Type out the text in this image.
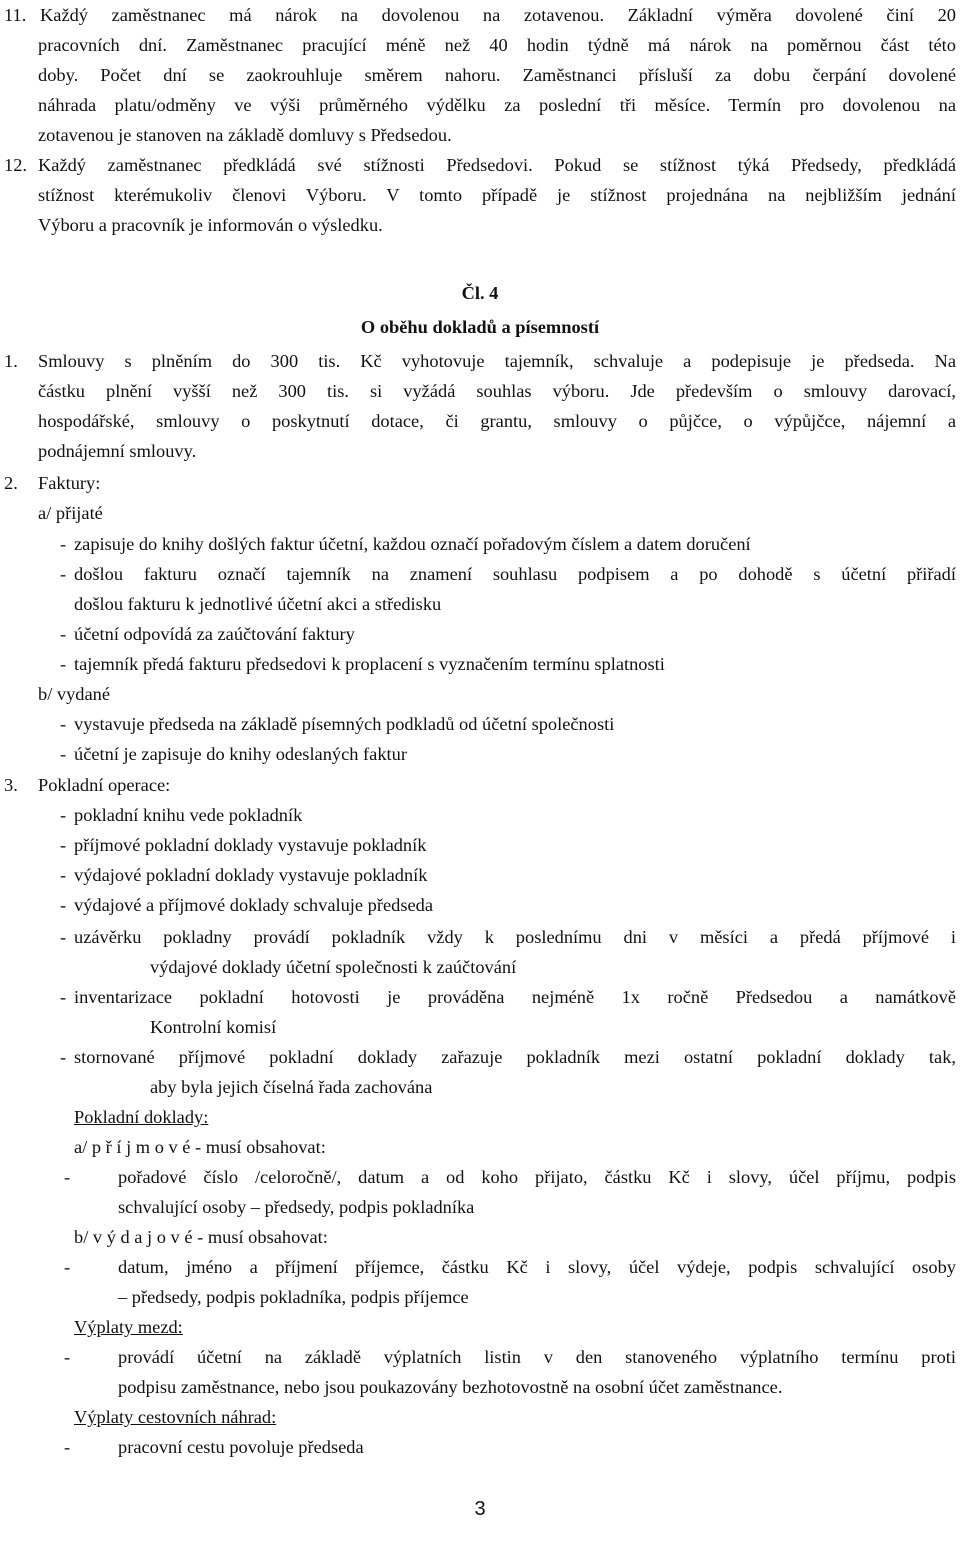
11. Každý zaměstnanec má nárok na dovolenou na zotavenou. Základní výměra dovolené činí 20

pracovních dní. Zaměstnanec pracující méně než 40 hodin týdně má nárok na poměrnou část této

doby. Počet dní se zaokrouhluje směrem nahoru. Zaměstnanci přísluší za dobu čerpání dovolené

náhrada platu/odměny ve výši průměrného výdělku za poslední tři měsíce. Termín pro dovolenou na

zotavenou je stanoven na základě domluvy s Předsedou.

12. Každý zaměstnanec předkládá své stížnosti Předsedovi. Pokud se stížnost týká Předsedy, předkládá

stížnost kterémukoliv členovi Výboru. V tomto případě je stížnost projednána na nejbližším jednání

Výboru a pracovník je informován o výsledku.

Čl. 4

O oběhu dokladů a písemností

1. Smlouvy s plněním do 300 tis. Kč vyhotovuje tajemník, schvaluje a podepisuje je předseda. Na

částku plnění vyšší než 300 tis. si vyžádá souhlas výboru. Jde především o smlouvy darovací,

hospodářské, smlouvy o poskytnutí dotace, či grantu, smlouvy o půjčce, o výpůjčce, nájemní a

podnájemní smlouvy.

2. Faktury:

a/ přijaté

- zapisuje do knihy došlých faktur účetní, každou označí pořadovým číslem a datem doručení

- došlou fakturu označí tajemník na znamení souhlasu podpisem a po dohodě s účetní přiřadí

došlou fakturu k jednotlivé účetní akci a středisku

- účetní odpovídá za zaúčtování faktury

- tajemník předá fakturu předsedovi k proplacení s vyznačením termínu splatnosti

b/ vydané

- vystavuje předseda na základě písemných podkladů od účetní společnosti

- účetní je zapisuje do knihy odeslaných faktur

3. Pokladní operace:

- pokladní knihu vede pokladník

- příjmové pokladní doklady vystavuje pokladník

- výdajové pokladní doklady vystavuje pokladník

- výdajové a příjmové doklady schvaluje předseda

- uzávěrku pokladny provádí pokladník vždy k poslednímu dni v měsíci a předá příjmové i

výdajové doklady účetní společnosti k zaúčtování

- inventarizace pokladní hotovosti je prováděna nejméně 1x ročně Předsedou a namátkově

Kontrolní komisí

- stornované příjmové pokladní doklady zařazuje pokladník mezi ostatní pokladní doklady tak,

aby byla jejich číselná řada zachována

Pokladní doklady:

a/ p ř í j m o v é - musí obsahovat:

-	pořadové číslo /celoročně/, datum a od koho přijato, částku Kč i slovy, účel příjmu, podpis

schvalující osoby – předsedy, podpis pokladníka

b/ v ý d a j o v é - musí obsahovat:

-	datum, jméno a příjmení příjemce, částku Kč i slovy, účel výdeje, podpis schvalující osoby

– předsedy, podpis pokladníka, podpis příjemce

Výplaty mezd:

-	provádí účetní na základě výplatních listin v den stanoveného výplatního termínu proti

podpisu zaměstnance, nebo jsou poukazovány bezhotovostně na osobní účet zaměstnance.

Výplaty cestovních náhrad:

-	pracovní cestu povoluje předseda

3
